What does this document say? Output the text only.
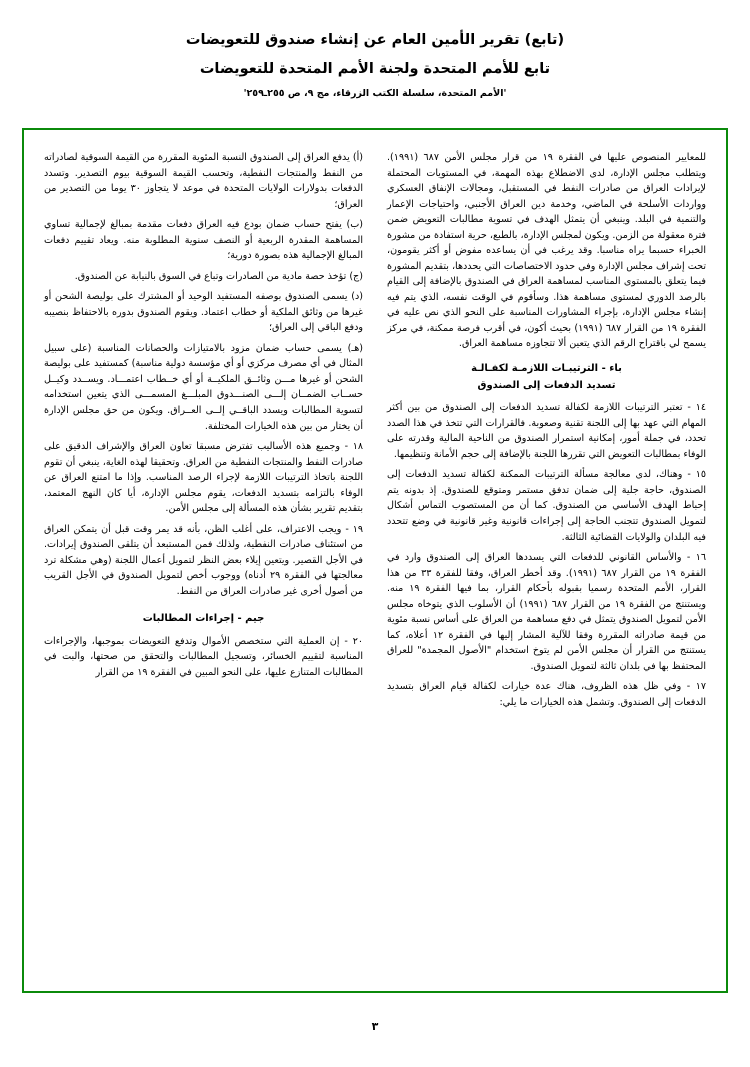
(تابع) تقرير الأمين العام عن إنشاء صندوق للتعويضات
تابع للأمم المتحدة ولجنة الأمم المتحدة للتعويضات
'الأمم المتحدة، سلسلة الكتب الزرقاء، مج ٩، ص ٢٥٥ـ٢٥٩'

للمعايير المنصوص عليها في الفقرة ١٩ من قرار مجلس الأمن ٦٨٧ (١٩٩١). ويتطلب مجلس الإدارة، لدى الاضطلاع بهذه المهمة، في المستويات المحتملة لإيرادات العراق من صادرات النفط في المستقبل، ومجالات الإنفاق العسكري وواردات الأسلحة في الماضي، وخدمة دين العراق الأجنبي، واحتياجات الإعمار والتنمية في البلد. وينبغي أن يتمثل الهدف في تسوية مطالبات التعويض ضمن فترة معقولة من الزمن. ويكون لمجلس الإدارة، بالطبع، حرية استفادة من مشورة الخبراء حسبما يراه مناسبا. وقد يرغب في أن يساعده مفوض أو أكثر يقومون، تحت إشراف مجلس الإدارة وفي حدود الاختصاصات التي يحددها، بتقديم المشورة فيما يتعلق بالمستوى المناسب لمساهمة العراق في الصندوق بالإضافة إلى القيام بالرصد الدوري لمستوى مساهمة هذا. وسأقوم في الوقت نفسه، الذي يتم فيه إنشاء مجلس الإدارة، بإجراء المشاورات المناسبة على النحو الذي نص عليه في الفقرة ١٩ من القرار ٦٨٧ (١٩٩١) بحيث أكون، في أقرب فرصة ممكنة، في مركز يسمح لي باقتراح الرقم الذي يتعين ألا تتجاوزه مساهمة العراق.

باء - الترتيبـات اللازمـة لكفـالـة
تسديد الدفعات إلى الصندوق

١٤ - تعتبر الترتيبات اللازمة لكفالة تسديد الدفعات إلى الصندوق من بين أكثر المهام التي عهد بها إلى اللجنة تقنية وصعوبة. فالقرارات التي تتخذ في هذا الصدد تحدد، في جملة أمور، إمكانية استمرار الصندوق من الناحية المالية وقدرته على الوفاء بمطالبات التعويض التي تقررها اللجنة بالإضافة إلى حجم الأمانة وتنظيمها.

١٥ - وهناك، لدى معالجة مسألة الترتيبات الممكنة لكفالة تسديد الدفعات إلى الصندوق، حاجة جلية إلى ضمان تدفق مستمر ومتوقع للصندوق. إذ بدونه يتم إحباط الهدف الأساسي من الصندوق. كما أن من المستصوب التماس أشكال لتمويل الصندوق تتجنب الحاجة إلى إجراءات قانونية وغير قانونية في وضع تتحدد فيه البلدان والولايات القضائية الثالثة.

١٦ - والأساس القانوني للدفعات التي يسددها العراق إلى الصندوق وارد في الفقرة ١٩ من القرار ٦٨٧ (١٩٩١). وقد أخطر العراق، وفقا للفقرة ٣٣ من هذا القرار، الأمم المتحدة رسميا بقبوله بأحكام القرار، بما فيها الفقرة ١٩ منه. ويستنتج من الفقرة ١٩ من القرار ٦٨٧ (١٩٩١) أن الأسلوب الذي يتوخاه مجلس الأمن لتمويل الصندوق يتمثل في دفع مساهمة من العراق على أساس نسبة مئوية من قيمة صادراته المقررة وفقا للآلية المشار إليها في الفقرة ١٢ أعلاه، كما يستنتج من القرار أن مجلس الأمن لم يتوخ استخدام "الأصول المجمدة" للعراق المحتفظ بها في بلدان ثالثة لتمويل الصندوق.

١٧ - وفي ظل هذه الظروف، هناك عدة خيارات لكفالة قيام العراق بتسديد الدفعات إلى الصندوق. وتشمل هذه الخيارات ما يلي:

(أ) يدفع العراق إلى الصندوق النسبة المئوية المقررة من القيمة السوقية لصادراته من النفط والمنتجات النفطية، وتحسب القيمة السوقية بيوم التصدير. وتسدد الدفعات بدولارات الولايات المتحدة في موعد لا يتجاوز ٣٠ يوما من التصدير من العراق؛

(ب) يفتح حساب ضمان بودع فيه العراق دفعات مقدمة بمبالغ لإجمالية تساوي المساهمة المقدرة الربعية أو النصف سنوية المطلوبة منه. ويعاد تقييم دفعات المبالغ الإجمالية هذه بصورة دورية؛

(ج) تؤخذ حصة مادية من الصادرات وتباع في السوق بالنيابة عن الصندوق.

(د) يسمى الصندوق بوصفه المستفيد الوحيد أو المشترك على بوليصة الشحن أو غيرها من وثائق الملكية أو خطاب اعتماد. ويقوم الصندوق بدوره بالاحتفاظ بنصيبه ودفع الباقي إلى العراق؛

(هـ) يسمى حساب ضمان مزود بالامتيازات والحصانات المناسبة (على سبيل المثال في أي مصرف مركزي أو أي مؤسسة دولية مناسبة) كمستفيد على بوليصة الشحن أو غيرها مـــن وثائــق الملكيــة أو أي خــطاب اعتمـــاد. ويســدد وكيــل حســاب الضمــان إلـــى الصنـــدوق المبلـــغ المسمـــى الذي يتعين استخدامه لتسوية المطالبات ويسدد الباقــي إلــى العــراق. ويكون من حق مجلس الإدارة أن يختار من بين هذه الخيارات المختلفة.

١٨ - وجميع هذه الأساليب تفترض مسبقا تعاون العراق والإشراف الدقيق على صادرات النفط والمنتجات النفطية من العراق. وتحقيقا لهذه الغاية، ينبغي أن تقوم اللجنة باتخاذ الترتيبات اللازمة لإجراء الرصد المناسب. وإذا ما امتنع العراق عن الوفاء بالتزامه بتسديد الدفعات، يقوم مجلس الإدارة، أيا كان النهج المعتمد، بتقديم تقرير بشأن هذه المسألة إلى مجلس الأمن.

١٩ - ويجب الاعتراف، على أغلب الظن، بأنه قد يمر وقت قبل أن يتمكن العراق من استئناف صادرات النفطية، ولذلك فمن المستبعد أن يتلقى الصندوق إيرادات. في الأجل القصير. ويتعين إيلاء بعض النظر لتمويل أعمال اللجنة (وهي مشكلة ترد معالجتها في الفقرة ٢٩ أدناه) ووجوب أخص لتمويل الصندوق في الأجل القريب من أصول أخرى غير صادرات العراق من النفط.

جيم - إجراءات المطالبات

٢٠ - إن العملية التي ستخصص الأموال وتدفع التعويضات بموجبها، والإجراءات المناسبة لتقييم الخسائر، وتسجيل المطالبات والتحقق من صحتها، والبت في المطالبات المتنازع عليها، على النحو المبين في الفقرة ١٩ من القرار

٣
